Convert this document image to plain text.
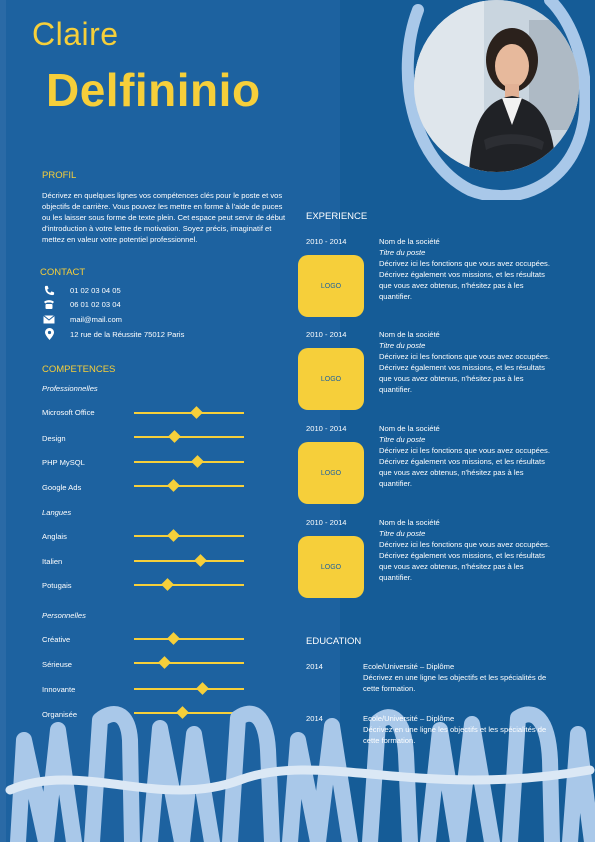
Claire
Delfininio
PROFIL
Décrivez en quelques lignes vos compétences clés pour le poste et vos objectifs de carrière. Vous pouvez les mettre en forme à l'aide de puces ou les laisser sous forme de texte plein. Cet espace peut servir de début d'introduction à votre lettre de motivation. Soyez précis, imaginatif et mettez en valeur votre potentiel professionnel.
CONTACT
01 02 03 04 05
06 01 02 03 04
mail@mail.com
12 rue de la Réussite 75012 Paris
COMPETENCES
Professionnelles
Microsoft Office
Design
PHP MySQL
Google Ads
Langues
Anglais
Italien
Potugais
Personnelles
Créative
Sérieuse
Innovante
Organisée
EXPERIENCE
2010 - 2014
LOGO
Nom de la société
Titre du poste
Décrivez ici les fonctions que vous avez occupées. Décrivez également vos missions, et les résultats que vous avez obtenus, n'hésitez pas à les quantifier.
2010 - 2014
LOGO
Nom de la société
Titre du poste
Décrivez ici les fonctions que vous avez occupées. Décrivez également vos missions, et les résultats que vous avez obtenus, n'hésitez pas à les quantifier.
2010 - 2014
LOGO
Nom de la société
Titre du poste
Décrivez ici les fonctions que vous avez occupées. Décrivez également vos missions, et les résultats que vous avez obtenus, n'hésitez pas à les quantifier.
2010 - 2014
LOGO
Nom de la société
Titre du poste
Décrivez ici les fonctions que vous avez occupées. Décrivez également vos missions, et les résultats que vous avez obtenus, n'hésitez pas à les quantifier.
EDUCATION
2014	Ecole/Université – Diplôme
Décrivez en une ligne les objectifs et les spécialités de cette formation.
2014	Ecole/Université – Diplôme
Décrivez en une ligne les objectifs et les spécialités de cette formation.
